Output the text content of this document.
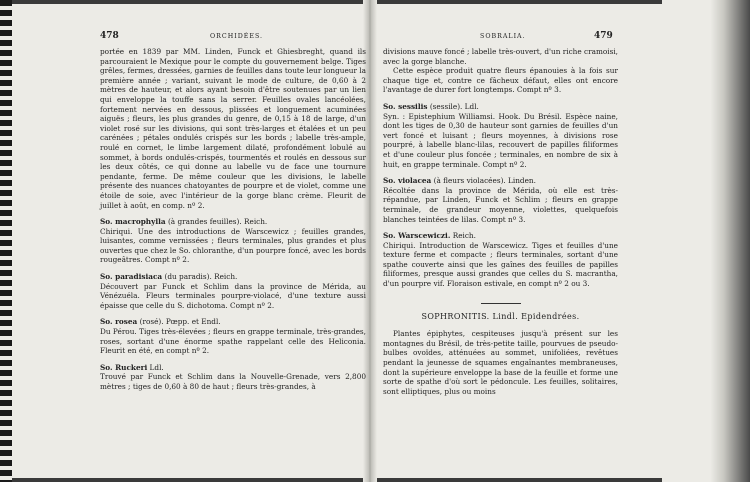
478	ORCHIDÉES.	SOBRALIA.	479

portée en 1839 par MM. Linden, Funck et Ghiesbreght, quand ils parcouraient le Mexique pour le compte du gouvernement belge. Tiges grêles, fermes, dressées, garnies de feuilles dans toute leur longueur la première année ; variant, suivant le mode de culture, de 0,60 à 2 mètres de hauteur, et alors ayant besoin d'être soutenues par un lien qui enveloppe la touffe sans la serrer. Feuilles ovales lancéolées, fortement nervées en dessous, plissées et longuement acuminées aiguës ; fleurs, les plus grandes du genre, de 0,15 à 18 de large, d'un violet rosé sur les divisions, qui sont très-larges et étalées et un peu carénées ; pétales ondulés crispés sur les bords ; labelle très-ample, roulé en cornet, le limbe largement dilaté, profondément lobulé au sommet, à bords ondulés-crispés, tourmentés et roulés en dessous sur les deux côtés, ce qui donne au labelle vu de face une tournure pendante, ferme. De même couleur que les divisions, le labelle présente des nuances chatoyantes de pourpre et de violet, comme une étoile de soie, avec l'intérieur de la gorge blanc crème. Fleurit de juillet à août, en comp. nº 2.

So. macrophylla (à grandes feuilles). Reich.

Chiriqui. Une des introductions de Warscewicz ; feuilles grandes, luisantes, comme vernissées ; fleurs terminales, plus grandes et plus ouvertes que chez le So. chloranthe, d'un pourpre foncé, avec les bords rougeâtres. Compt nº 2.

So. paradisiaca (du paradis). Reich.

Découvert par Funck et Schlim dans la province de Mérida, au Vénézuéla. Fleurs terminales pourpre-violacé, d'une texture aussi épaisse que celle du S. dichotoma. Compt nº 2.

So. rosea (rosé). Pœpp. et Endl.

Du Pérou. Tiges très-élevées ; fleurs en grappe terminale, très-grandes, roses, sortant d'une énorme spathe rappelant celle des Heliconia. Fleurit en été, en compt nº 2.

So. Ruckeri Ldl.

Trouvé par Funck et Schlim dans la Nouvelle-Grenade, vers 2,800 mètres ; tiges de 0,60 à 80 de haut ; fleurs très-grandes, à

divisions mauve foncé ; labelle très-ouvert, d'un riche cramoisi, avec la gorge blanche.

Cette espèce produit quatre fleurs épanouies à la fois sur chaque tige et, contre ce fâcheux défaut, elles ont encore l'avantage de durer fort longtemps. Compt nº 3.

So. sessilis (sessile). Ldl.

Syn. : Epistephium Williamsi. Hook. Du Brésil. Espèce naine, dont les tiges de 0,30 de hauteur sont garnies de feuilles d'un vert foncé et luisant ; fleurs moyennes, à divisions rose pourpré, à labelle blanc-lilas, recouvert de papilles filiformes et d'une couleur plus foncée ; terminales, en nombre de six à huit, en grappe terminale. Compt nº 2.

So. violacea (à fleurs violacées). Linden.

Récoltée dans la province de Mérida, où elle est très-répandue, par Linden, Funck et Schlim ; fleurs en grappe terminale, de grandeur moyenne, violettes, quelquefois blanches teintées de lilas. Compt nº 3.

So. Warscewiczi. Reich.

Chiriqui. Introduction de Warscewicz. Tiges et feuilles d'une texture ferme et compacte ; fleurs terminales, sortant d'une spathe couverte ainsi que les gaînes des feuilles de papilles filiformes, presque aussi grandes que celles du S. macrantha, d'un pourpre vif. Floraison estivale, en compt nº 2 ou 3.

SOPHRONITIS. Lindl. Epidendrées.

Plantes épiphytes, cespiteuses jusqu'à présent sur les montagnes du Brésil, de très-petite taille, pourvues de pseudo-bulbes ovoïdes, atténuées au sommet, unifoliées, revêtues pendant la jeunesse de squames engaînantes membraneuses, dont la supérieure enveloppe la base de la feuille et forme une sorte de spathe d'où sort le pédoncule. Les feuilles, solitaires, sont elliptiques, plus ou moins
